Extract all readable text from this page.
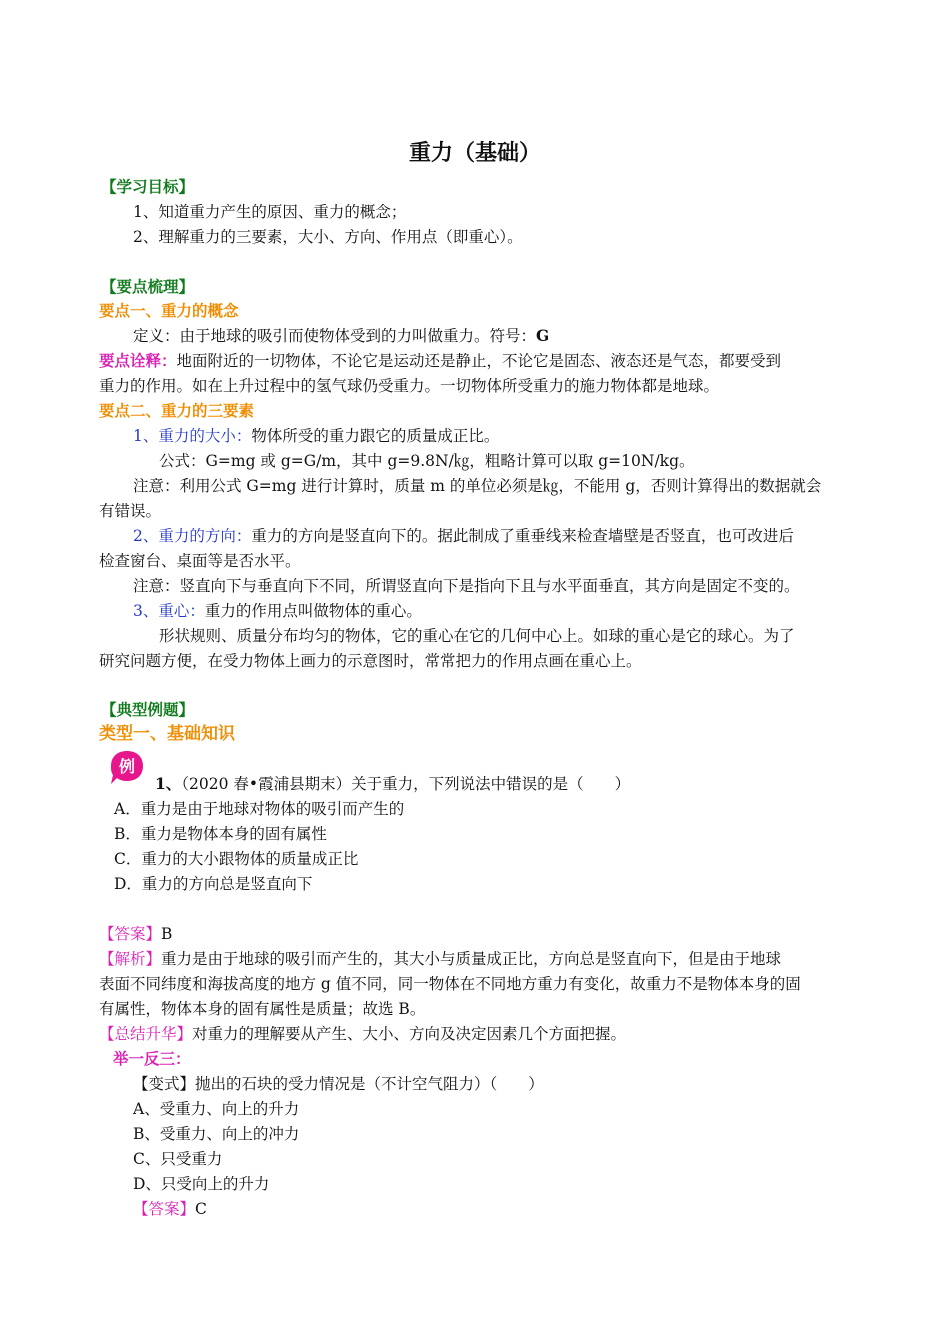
重力（基础）
【学习目标】
1、知道重力产生的原因、重力的概念；
2、理解重力的三要素，大小、方向、作用点（即重心）。
【要点梳理】
要点一、重力的概念
定义：由于地球的吸引而使物体受到的力叫做重力。符号：G
要点诠释：地面附近的一切物体，不论它是运动还是静止，不论它是固态、液态还是气态，都要受到
重力的作用。如在上升过程中的氢气球仍受重力。一切物体所受重力的施力物体都是地球。
要点二、重力的三要素
1、重力的大小：物体所受的重力跟它的质量成正比。
公式：G=mg 或 g=G/m，其中 g=9.8N/㎏，粗略计算可以取 g=10N/kg。
注意：利用公式 G=mg 进行计算时，质量 m 的单位必须是㎏，不能用 g，否则计算得出的数据就会
有错误。
2、重力的方向：重力的方向是竖直向下的。据此制成了重垂线来检查墙壁是否竖直，也可改进后
检查窗台、桌面等是否水平。
注意：竖直向下与垂直向下不同，所谓竖直向下是指向下且与水平面垂直，其方向是固定不变的。
3、重心：重力的作用点叫做物体的重心。
形状规则、质量分布均匀的物体，它的重心在它的几何中心上。如球的重心是它的球心。为了
研究问题方便，在受力物体上画力的示意图时，常常把力的作用点画在重心上。
【典型例题】
类型一、基础知识
例
1、（2020 春•霞浦县期末）关于重力，下列说法中错误的是（　　）
A．重力是由于地球对物体的吸引而产生的
B．重力是物体本身的固有属性
C．重力的大小跟物体的质量成正比
D．重力的方向总是竖直向下
【答案】B
【解析】重力是由于地球的吸引而产生的，其大小与质量成正比，方向总是竖直向下，但是由于地球
表面不同纬度和海拔高度的地方 g 值不同，同一物体在不同地方重力有变化，故重力不是物体本身的固
有属性，物体本身的固有属性是质量；故选 B。
【总结升华】对重力的理解要从产生、大小、方向及决定因素几个方面把握。
举一反三：
【变式】抛出的石块的受力情况是（不计空气阻力）（　　）
A、受重力、向上的升力
B、受重力、向上的冲力
C、只受重力
D、只受向上的升力
【答案】C
